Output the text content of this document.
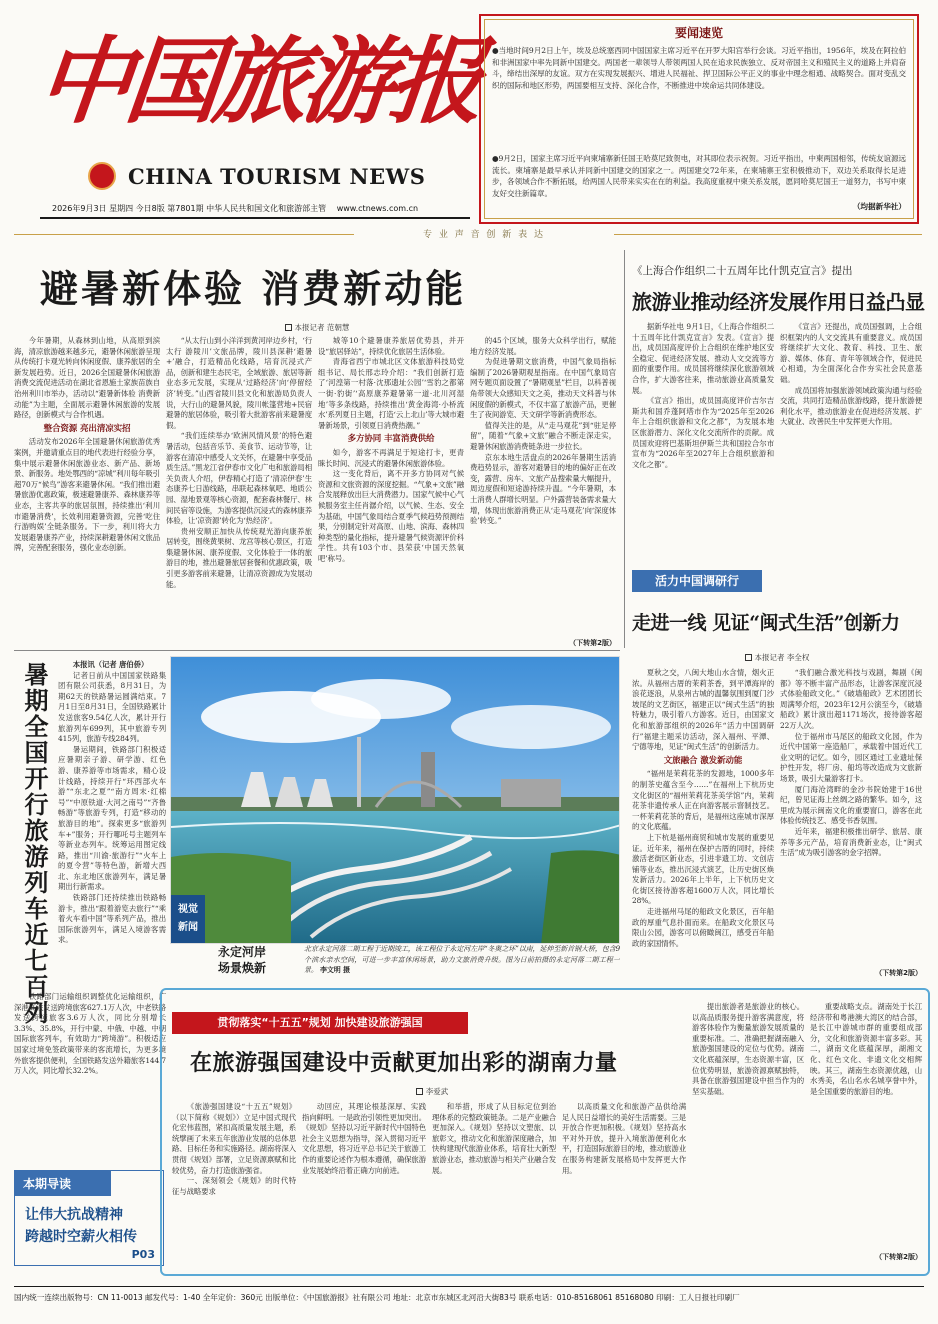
中国旅游报
CHINA TOURISM NEWS
2026年9月3日 星期四 今日8版 第7801期 中华人民共和国文化和旅游部主管 www.ctnews.com.cn
要闻速览
●当地时间9月2日上午，埃及总统塞西同中国国家主席习近平在开罗大阳宫举行会谈。习近平指出，1956年，埃及在阿拉伯和非洲国家中率先同新中国建交。两国老一辈领导人带领两国人民在追求民族独立、反对帝国主义和殖民主义的道路上并肩奋斗，缔结出深厚的友谊。双方在实现发展振兴、增进人民福祉、捍卫国际公平正义的事业中理念相通、战略契合。面对变乱交织的国际和地区形势，两国要相互支持、深化合作，不断推进中埃命运共同体建设。
●9月2日，国家主席习近平向柬埔寨新任国王哈莫尼致贺电，对其即位表示祝贺。习近平指出，中柬两国相邻，传统友谊源远流长。柬埔寨是最早承认并同新中国建交的国家之一。两国建交72年来，在柬埔寨王室积极推动下，双边关系取得长足进步，各领域合作不断拓展，给两国人民带来实实在在的利益。我高度重视中柬关系发展，愿同哈莫尼国王一道努力，书写中柬友好交往新篇章。
（均据新华社）
专 业 声 音 创 新 表 达
避暑新体验 消费新动能
本报记者 范朝慧

今年暑期，从森林到山地，从高原到滨海，清凉旅游越来越多元，避暑休闲旅游呈现从传统打卡观光转向休闲度假、康养旅居的全新发展趋势。近日，2026全国避暑休闲旅游消费交流促进活动在湖北省恩施土家族苗族自治州利川市举办，活动以“避暑新体验 消费新动能”为主题，全面展示避暑休闲旅游的发展路径，创新模式与合作机遇。

整合资源 亮出清凉实招

活动发布2026年全国避暑休闲旅游优秀案例，并邀请重点目的地代表进行经验分享，集中展示避暑休闲旅游业态、新产品、新场景、新服务。地处鄂西的“凉城”利川每年吸引超70万“候鸟”游客来避暑休闲。“我们推出避暑旅游优惠政策，极速避暑康养、森林康养等业态，主客共享的旅居氛围，持续推出‘利川市避暑消费’，长效利用避暑资源，完善‘吃住行游购娱’全链条服务。下一步，利川将大力发展避暑康养产业，持续深耕避暑休闲文旅品牌，完善配套服务，强化业态创新。

“从太行山到小洋洋到黄河岸边乡村，‘行太行 游陵川’文旅品牌，陵川县深耕‘避暑+’融合，打造精品化线路，培育沉浸式产品，创新和建生态民宅，全域旅游、旅居等新业态多元发展，实现从‘过路经济’向‘停留经济’转变。”山西省陵川县文化和旅游局负责人说，大行山的避暑风貌，陵川帐篷营地+民宿避暑的旅居体验，吸引着大批游客前来避暑度假。

“我们连续举办‘欧洲风情风景’的特色避暑活动，包括音乐节、美食节、运动节等，让游客在清凉中感受人文关怀，在避暑中享受品质生活。”黑龙江省伊春市文化广电和旅游局相关负责人介绍，伊春精心打造了‘清凉伊春’生态康养七日游线路，串联起森林氧吧、地质公园、湿地景观等核心资源，配套森林餐厅、林间民宿等设施，为游客提供沉浸式的森林康养体验，让‘凉资源’转化为‘热经济’。

贵州安顺正加快从传统观光游向康养旅居转变，围绕黄果树、龙宫等核心景区，打造集避暑休闲、康养度假、文化体验于一体的旅游目的地，推出避暑旅居套餐和优惠政策，吸引更多游客前来避暑，让清凉资源成为发展动能。

城等10个避暑康养旅居优势县，并开设“旅居驿站”，持续优化旅居生活体验。

青海省西宁市城北区文体旅游科技局党组书记、局长邢志玲介绍：“我们创新打造了‘河湟第一村落·沈那遗址公园’‘雪豹之都第一街·豹街’‘高原康养避暑第一道·北川河湿地’等多条线路，持续推出‘黄金海湾·小桥流水’系列夏日主题，打造‘云上北山’等大城市避暑新场景，引领夏日消费热潮。”

多方协同 丰富消费供给

如今，游客不再满足于短途打卡，更青睐长时间、沉浸式的避暑休闲旅游体验。

这一变化背后，离不开多方协同对气候资源和文旅资源的深度挖掘。“气象+文旅”融合发展释放出巨大消费潜力。国家气候中心气候服务室主任肖潺介绍，以气候、生态、安全为基础，中国气象局结合夏季气候趋势预测结果，分别制定针对高原、山地、滨海、森林四种类型的量化指标，提升避暑气候资源评价科学性。共有103个市、县荣获‘中国天然氧吧’称号。

的45个区域，服务大众科学出行，赋能地方经济发展。

为促进暑期文旅消费，中国气象局指标编制了2026暑期观星指南。在中国气象局官网专题页面设置了“暑期观星”栏目，以科普视角带领大众感知天文之美，推动天文科普与休闲度假的新模式，不仅丰富了旅游产品，更催生了夜间游览、天文研学等新消费形态。

值得关注的是，从“走马观花”到“驻足停留”，随着“气象+文旅”融合不断走深走实，避暑休闲旅游消费链条进一步拉长。

京东本地生活盘点的2026年暑期生活消费趋势显示，游客对避暑目的地的偏好正在改变，露营、房车、文旅产品搜索量大幅提升，周边度假和短途游持续升温。“今年暑期，本土消费人群增长明显。户外露营装备需求量大增，体现出旅游消费正从‘走马观花’向‘深度体验’转变。”

（下转第2版）
暑期全国开行旅游列车近七百列	本报讯（记者 唐伯侨）

记者日前从中国国家铁路集团有限公司获悉，8月31日，为期62天的铁路暑运圆满结束。7月1日至8月31日，全国铁路累计发送旅客9.54亿人次，累计开行旅游列车699列，其中旅游专列415列，旅游专线284列。

暑运期间，铁路部门积极适应暑期亲子游、研学游、红色游、康养游等市场需求，精心设计线路，持续开行“环西部火车游”“东北之夏”“南方周末·红棉号”“中原铁道·大河之南号”“齐鲁畅游”等旅游专列，打造“移动的旅游目的地”。探索更多“旅游列车+”服务；开行哪吒号主题列车等新业态列车。统筹运用图定线路，推出“川渝·旅游行”“火车上的夏令营”等特色游，新增大西北、东北地区旅游列车，满足暑期出行新需求。

铁路部门还持续推出铁路畅游卡，推出“跟着游览去旅行”“乘着火车看中国”等系列产品，推出国际旅游列车，满足入境游客需求。

铁路部门运输组织调整优化运输组织，广深港高铁发送跨境旅客627.1万人次，中老铁路发送跨境旅客3.6万人次，同比分别增长3.3%、35.8%，开行中蒙、中俄、中越、中朝国际旅客列车，有效助力“跨境游”。积极适应国家过境免签政策带来的客流增长，为更多境外旅客提供便利，全国铁路发送外籍旅客144.7万人次，同比增长32.2%。

视觉
新闻
永定河岸
场景焕新
北京永定河落二期工程于近期竣工，该工程位于永定河左岸“冬奥之环”以南，延伸至新首钢大桥，包含9个滨水亲水空间，可进一步丰富休闲场景，助力文旅消费升级。图为日前拍摄的永定河落二期工程一景。 李文明 摄
《上海合作组织二十五周年比什凯克宣言》提出
旅游业推动经济发展作用日益凸显

据新华社电 9月1日，《上海合作组织二十五周年比什凯克宣言》发表。《宣言》提出，成员国高度评价上合组织在维护地区安全稳定、促进经济发展、推动人文交流等方面的重要作用。成员国将继续深化旅游领域合作，扩大游客往来，推动旅游业高质量发展。

《宣言》指出，成员国高度评价吉尔吉斯共和国乔蓬阿塔市作为“2025年至2026年上合组织旅游和文化之都”，为发展本地区旅游潜力、深化文化交流所作的贡献。成员国欢迎将巴基斯坦伊斯兰共和国拉合尔市宣布为“2026年至2027年上合组织旅游和文化之都”。

《宣言》还提出，成员国强调，上合组织框架内的人文交流具有重要意义。成员国将继续扩大文化、教育、科技、卫生、旅游、媒体、体育、青年等领域合作，促进民心相通，为全面深化合作夯实社会民意基础。

成员国将加强旅游领域政策沟通与经验交流，共同打造精品旅游线路，提升旅游便利化水平，推动旅游业在促进经济发展、扩大就业、改善民生中发挥更大作用。

活力中国调研行
走进一线 见证“闽式生活”创新力
本报记者 李全权

夏秋之交，八闽大地山水含情，烟火正浓。从福州古厝的茉莉茶香，到平潭海岸的浪花逐浪，从泉州古城的温馨氛围到厦门沙坡尾的文艺街区，福建正以“闽式生活”的独特魅力，吸引着八方游客。近日，由国家文化和旅游部组织的2026年“活力中国调研行”福建主题采访活动，深入福州、平潭、宁德等地，见证“闽式生活”的创新活力。

文旅融合 激发新动能

“福州是茉莉花茶的发源地，1000多年的制茶史蕴含至今……”在福州上下杭历史文化街区的“福州茉莉花茶美学馆”内，茉莉花茶非遗传承人正在向游客展示窨制技艺。一杯茉莉花茶的背后，是福州这座城市深厚的文化底蕴。

上下杭是福州商贸和城市发展的重要见证。近年来，福州在保护古厝的同时，持续激活老街区新业态，引进非遗工坊、文创店铺等业态，推出沉浸式演艺，让历史街区焕发新活力。2026年上半年，上下杭历史文化街区接待游客超1600万人次，同比增长28%。

走进福州马尾的船政文化景区，百年船政的厚重气息扑面而来。在船政文化景区马限山公园，游客可以俯瞰闽江，感受百年船政的家国情怀。

“我们融合激光科技与戏剧，舞剧《闽都》等不断丰富产品形态，让游客深度沉浸式体验船政文化。”《破墙船政》艺术团团长周满琴介绍，2023年12月公演至今，《破墙船政》累计演出超1171场次，接待游客超22万人次。

位于福州市马尾区的船政文化园，作为近代中国第一座造船厂，承载着中国近代工业文明的记忆。如今，园区通过工业遗址保护性开发，将厂房、船坞等改造成为文旅新场景，吸引大量游客打卡。

厦门海沧湾畔的金沙书院始建于16世纪，曾见证海上丝绸之路的繁华。如今，这里成为展示闽南文化的重要窗口，游客在此体验传统技艺、感受书香氛围。

近年来，福建积极推出研学、旅居、康养等多元产品，培育消费新业态，让“闽式生活”成为吸引游客的金字招牌。

（下转第2版）
本期导读
让伟大抗战精神
跨越时空薪火相传
P03
贯彻落实“十五五”规划 加快建设旅游强国
在旅游强国建设中贡献更加出彩的湖南力量
李爱武

《旅游强国建设“十五五”规划》（以下简称《规划》）立足中国式现代化宏伟蓝图，紧扣高质量发展主题，系统擘画了未来五年旅游业发展的总体思路、目标任务和实施路径。湖南将深入贯彻《规划》部署，立足资源禀赋和比较优势，奋力打造旅游强省。

一、深刻领会《规划》的时代特征与战略要求

动回应，其理论根基深厚、实践指向鲜明。一是政治引领性更加突出。《规划》坚持以习近平新时代中国特色社会主义思想为指导，深入贯彻习近平文化思想，将习近平总书记关于旅游工作的重要论述作为根本遵循，确保旅游业发展始终沿着正确方向前进。

和举措，形成了从目标定位到治理体系的完整政策链条。二是产业融合更加深入。《规划》坚持以文塑旅、以旅彰文，推动文化和旅游深度融合，加快构建现代旅游业体系，培育壮大新型旅游业态，推动旅游与相关产业融合发展。

以高质量文化和旅游产品供给满足人民日益增长的美好生活需要。三是开放合作更加积极。《规划》坚持高水平对外开放，提升入境旅游便利化水平，打造国际旅游目的地，推动旅游业在服务构建新发展格局中发挥更大作用。

提出旅游者是旅游业的核心。以高品质服务提升游客满意度，将游客体验作为衡量旅游发展质量的重要标准。二、准确把握湖南融入旅游强国建设的定位与优势。湖南文化底蕴深厚，生态资源丰富，区位优势明显，旅游资源禀赋独特，具备在旅游强国建设中担当作为的坚实基础。

重要战略支点。湖南处于长江经济带和粤港澳大湾区的结合部，是长江中游城市群的重要组成部分，文化和旅游资源丰富多彩。其二，湖南文化底蕴深厚，湖湘文化、红色文化、非遗文化交相辉映。其三，湖南生态资源优越，山水秀美，名山名水名城享誉中外，是全国重要的旅游目的地。

（下转第2版）
国内统一连续出版物号：CN 11-0013 邮发代号：1-40 全年定价：360元 出版单位：《中国旅游报》社有限公司 地址：北京市东城区北河沿大街83号 联系电话：010-85168061 85168080 印刷：工人日报社印刷厂
